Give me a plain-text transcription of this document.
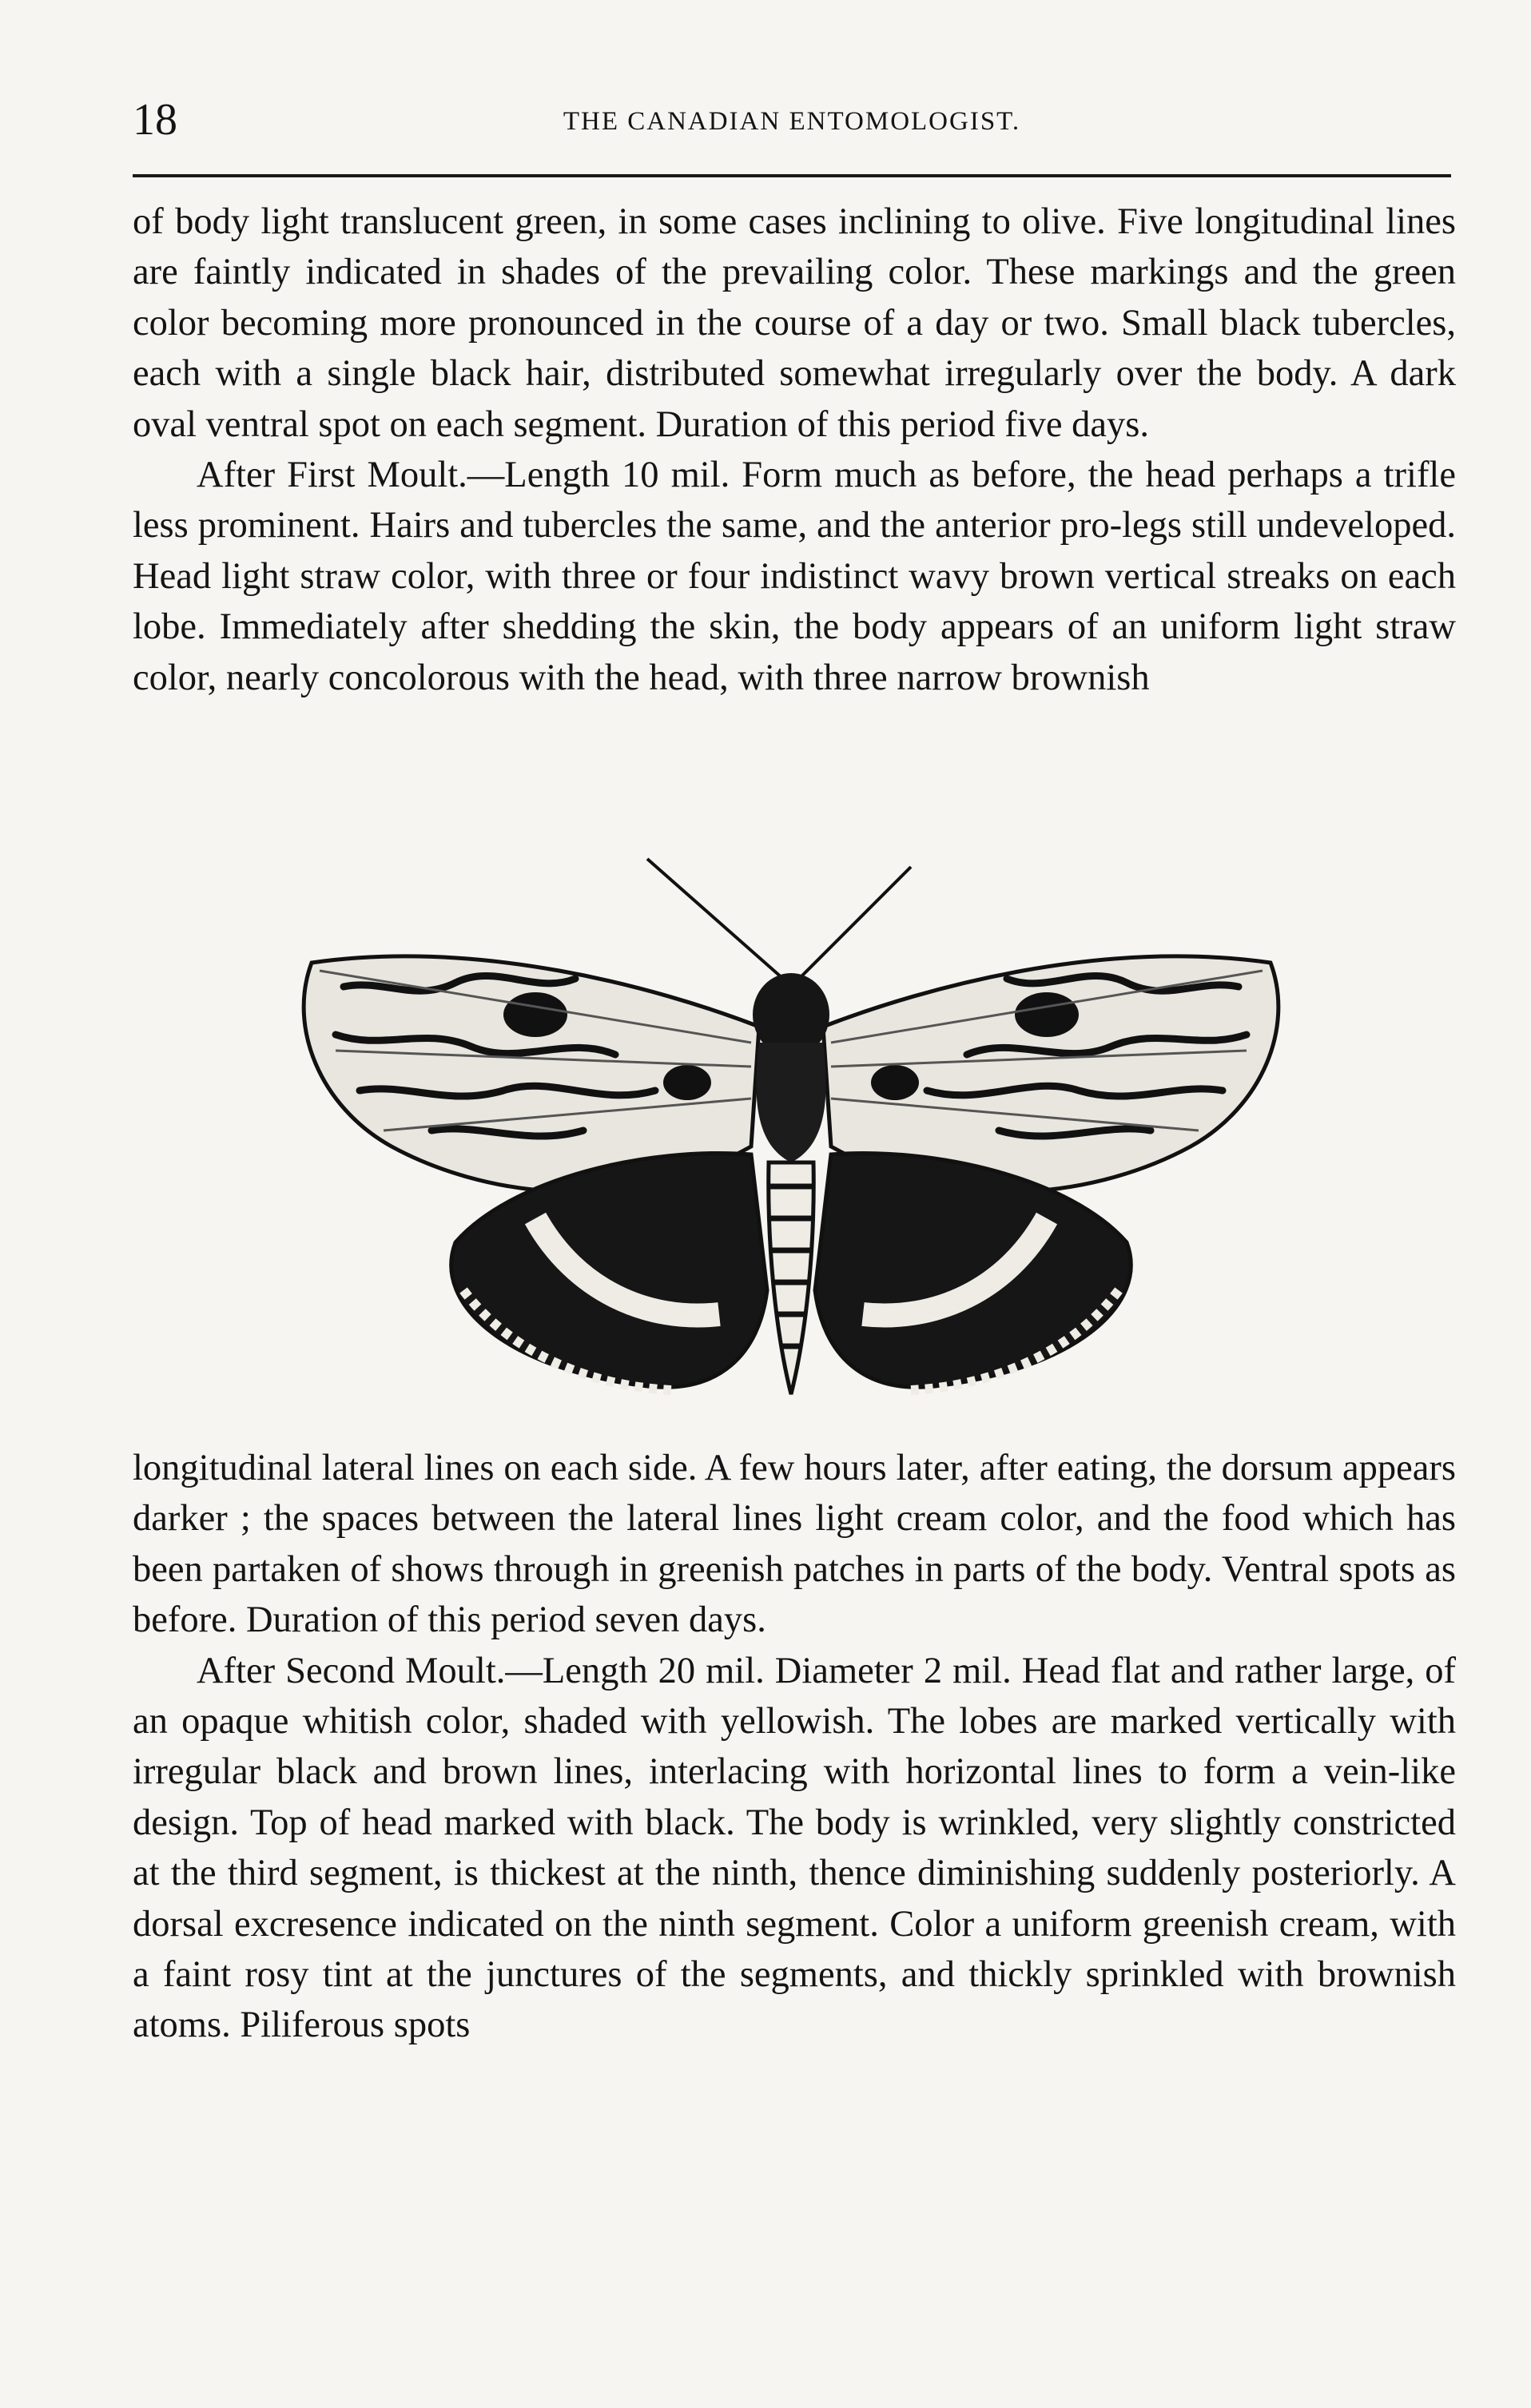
18	THE CANADIAN ENTOMOLOGIST.

of body light translucent green, in some cases inclining to olive. Five longitudinal lines are faintly indicated in shades of the prevailing color. These markings and the green color becoming more pronounced in the course of a day or two. Small black tubercles, each with a single black hair, distributed somewhat irregularly over the body. A dark oval ventral spot on each segment. Duration of this period five days.

After First Moult.—Length 10 mil. Form much as before, the head perhaps a trifle less prominent. Hairs and tubercles the same, and the anterior pro-legs still undeveloped. Head light straw color, with three or four indistinct wavy brown vertical streaks on each lobe. Immediately after shedding the skin, the body appears of an uniform light straw color, nearly concolorous with the head, with three narrow brownish

longitudinal lateral lines on each side. A few hours later, after eating, the dorsum appears darker ; the spaces between the lateral lines light cream color, and the food which has been partaken of shows through in greenish patches in parts of the body. Ventral spots as before. Duration of this period seven days.

After Second Moult.—Length 20 mil. Diameter 2 mil. Head flat and rather large, of an opaque whitish color, shaded with yellowish. The lobes are marked vertically with irregular black and brown lines, interlacing with horizontal lines to form a vein-like design. Top of head marked with black. The body is wrinkled, very slightly constricted at the third segment, is thickest at the ninth, thence diminishing suddenly posteriorly. A dorsal excresence indicated on the ninth segment. Color a uniform greenish cream, with a faint rosy tint at the junctures of the segments, and thickly sprinkled with brownish atoms. Piliferous spots
